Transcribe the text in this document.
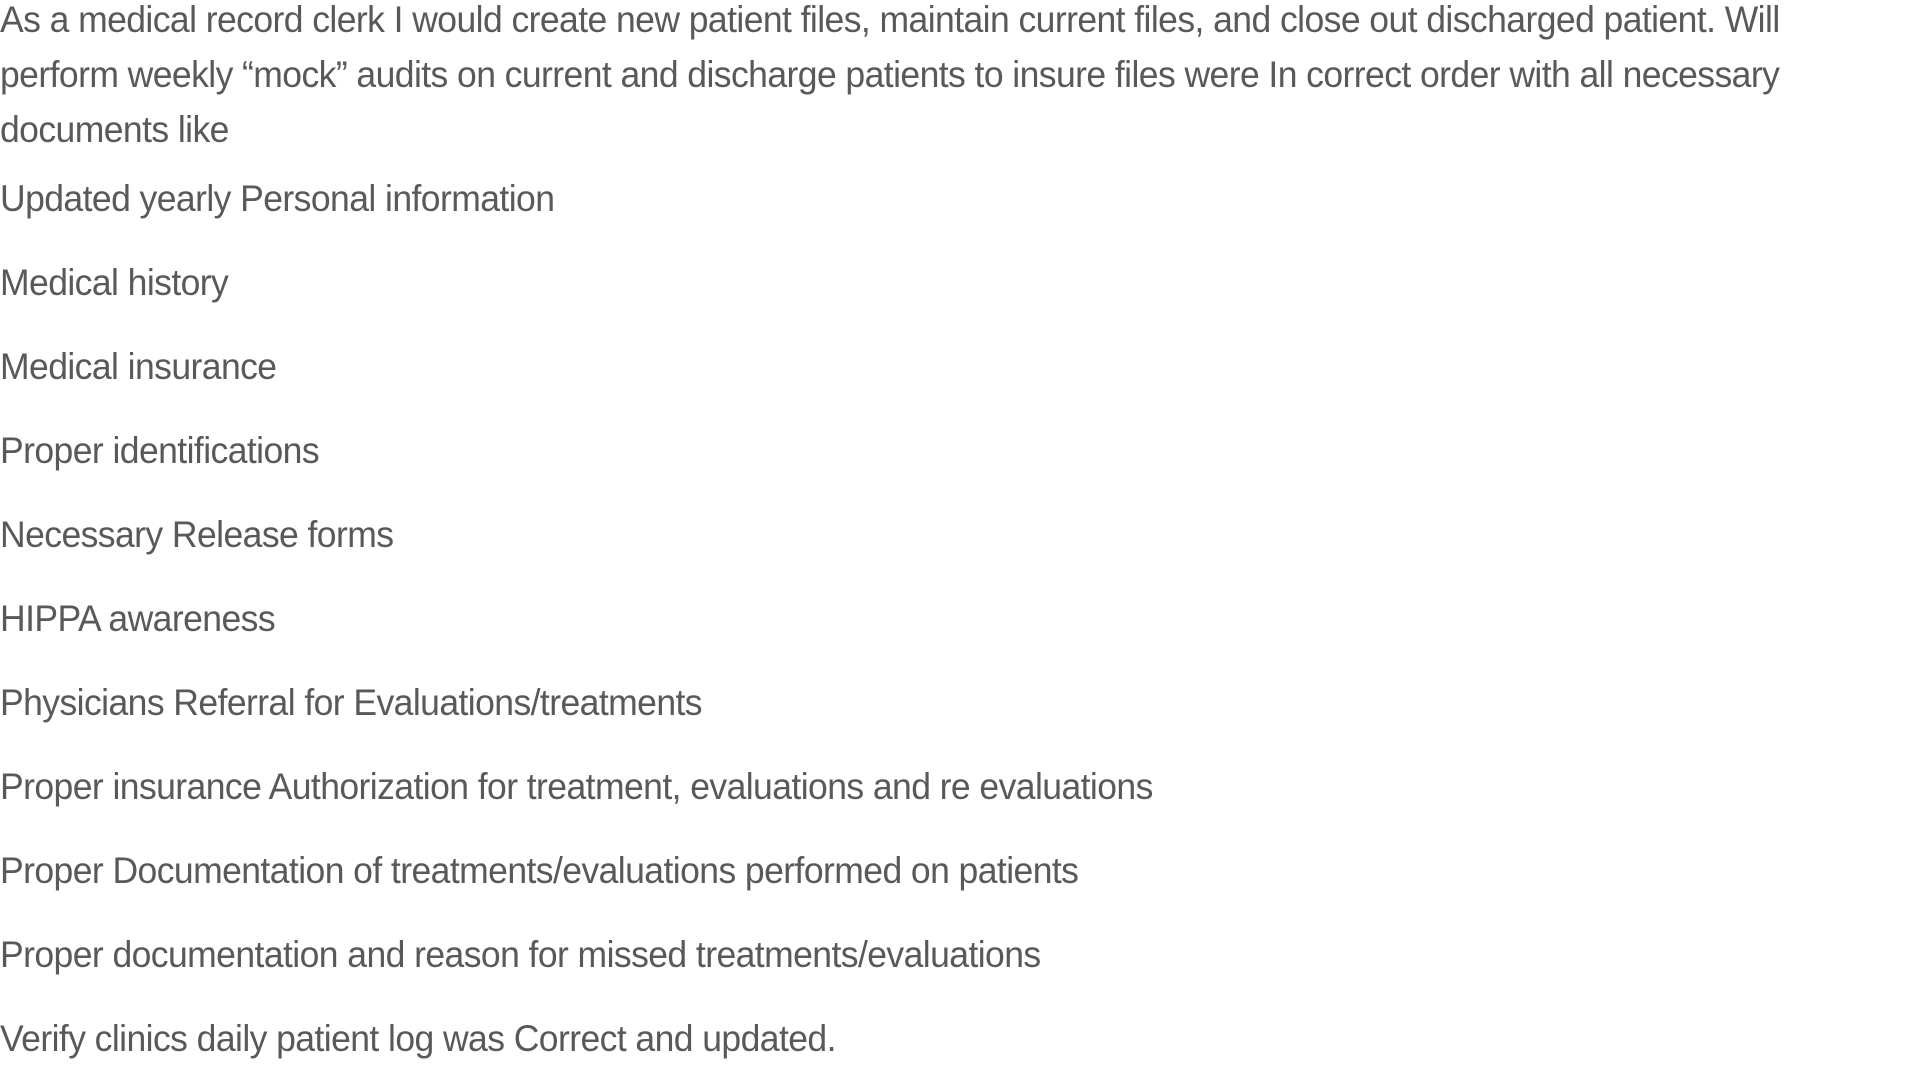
As a medical record clerk I would create new patient files, maintain current files, and close out discharged patient. Will perform weekly “mock” audits on current and discharge patients to insure files were In correct order with all necessary documents like

Updated yearly Personal information
Medical history
Medical insurance
Proper identifications
Necessary Release forms
HIPPA awareness
Physicians Referral for Evaluations/treatments
Proper insurance Authorization for treatment, evaluations and re evaluations
Proper Documentation of treatments/evaluations performed on patients
Proper documentation and reason for missed treatments/evaluations
Verify clinics daily patient log was Correct and updated.
